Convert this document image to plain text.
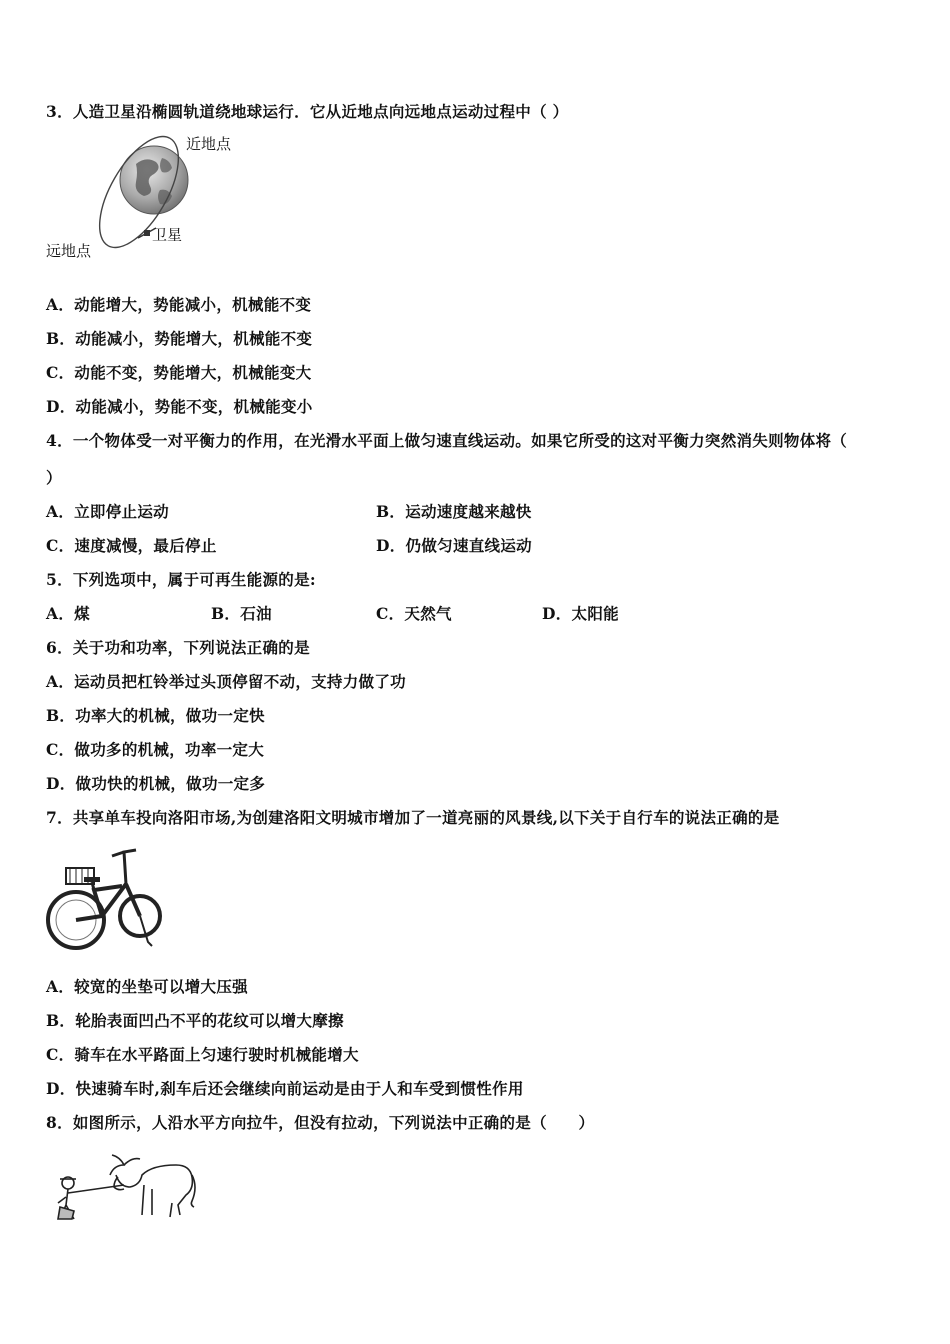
3．人造卫星沿椭圆轨道绕地球运行．它从近地点向远地点运动过程中（ ）
近地点
卫星
远地点
A．动能增大，势能减小，机械能不变
B．动能减小，势能增大，机械能不变
C．动能不变，势能增大，机械能变大
D．动能减小，势能不变，机械能变小
4．一个物体受一对平衡力的作用，在光滑水平面上做匀速直线运动。如果它所受的这对平衡力突然消失则物体将（
）
A．立即停止运动	B．运动速度越来越快
C．速度减慢，最后停止	D．仍做匀速直线运动
5．下列选项中，属于可再生能源的是:
A．煤	B．石油	C．天然气	D．太阳能
6．关于功和功率，下列说法正确的是
A．运动员把杠铃举过头顶停留不动，支持力做了功
B．功率大的机械，做功一定快
C．做功多的机械，功率一定大
D．做功快的机械，做功一定多
7．共享单车投向洛阳市场,为创建洛阳文明城市增加了一道亮丽的风景线,以下关于自行车的说法正确的是
A．较宽的坐垫可以增大压强
B．轮胎表面凹凸不平的花纹可以增大摩擦
C．骑车在水平路面上匀速行驶时机械能增大
D．快速骑车时,刹车后还会继续向前运动是由于人和车受到惯性作用
8．如图所示，人沿水平方向拉牛，但没有拉动，下列说法中正确的是（　　）
